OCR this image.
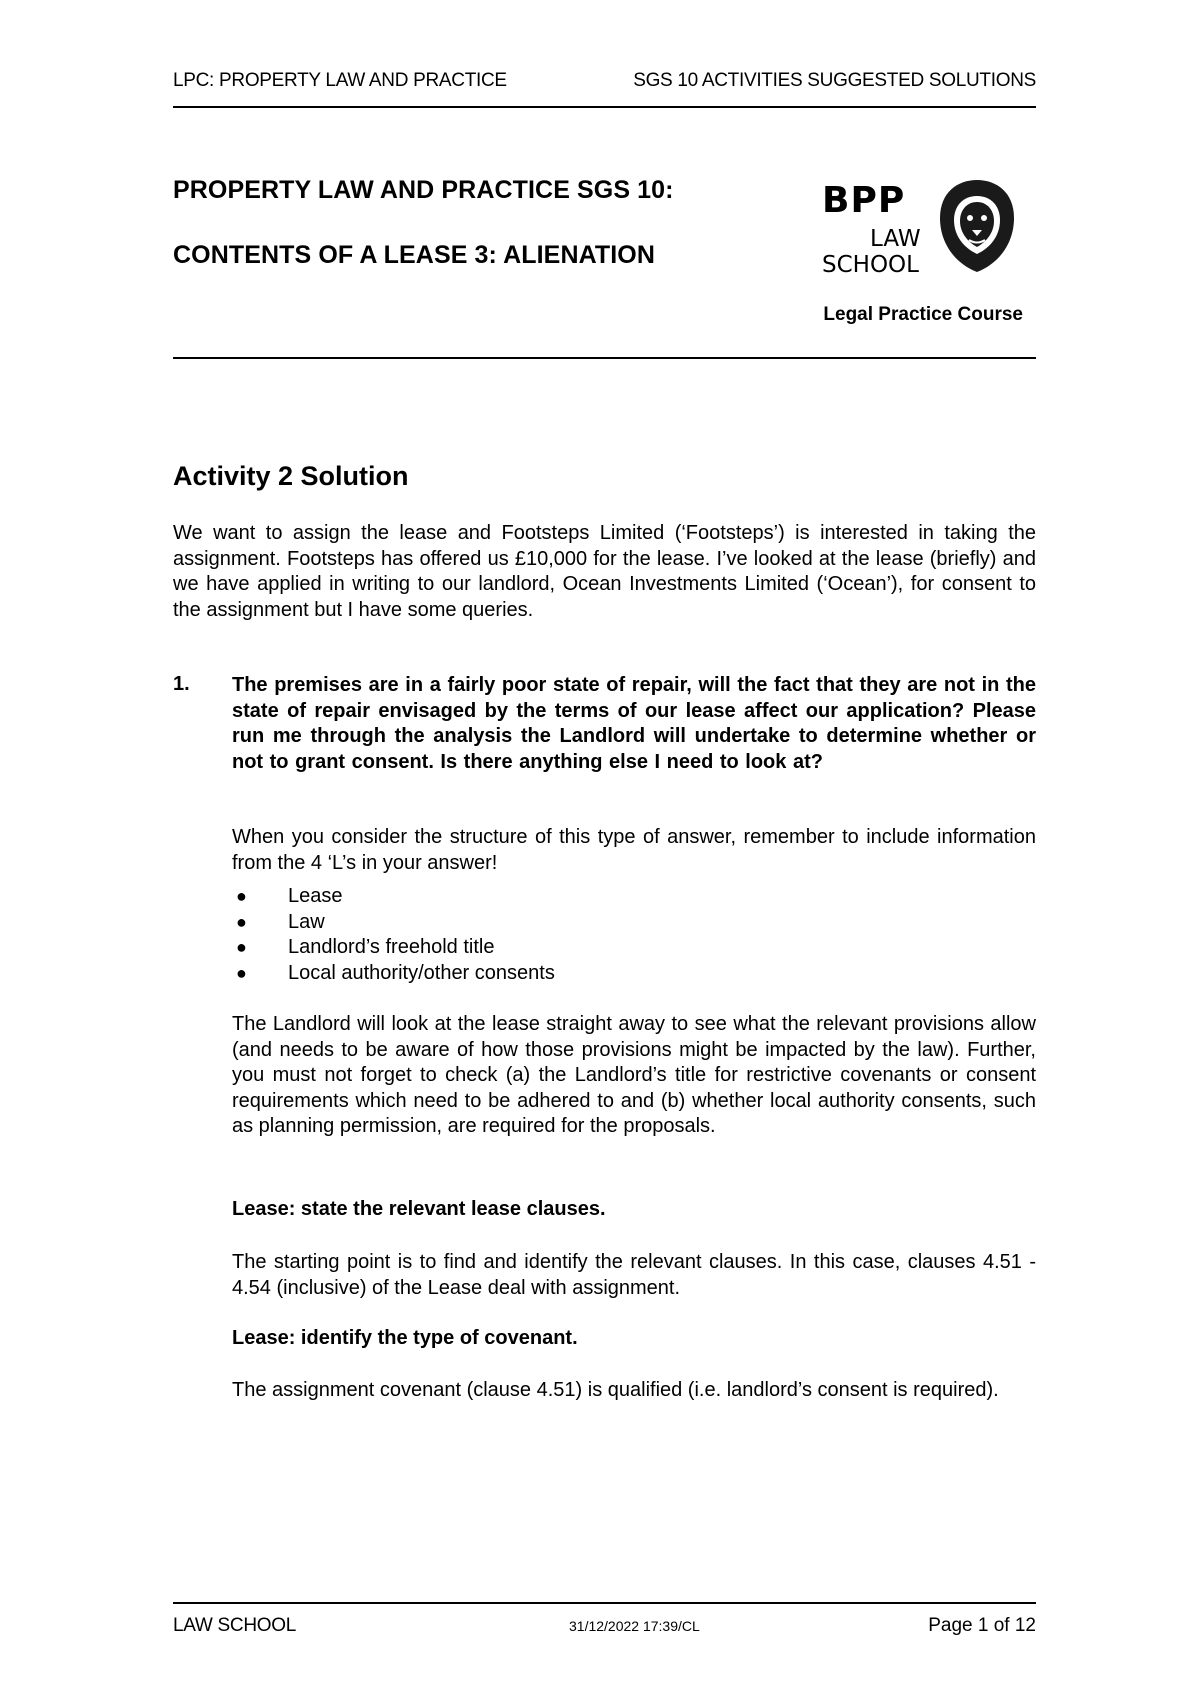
LPC: PROPERTY LAW AND PRACTICE	SGS 10 ACTIVITIES SUGGESTED SOLUTIONS
PROPERTY LAW AND PRACTICE SGS 10:
CONTENTS OF A LEASE 3: ALIENATION
BPP
LAW
SCHOOL
Legal Practice Course
Activity 2 Solution

We want to assign the lease and Footsteps Limited (‘Footsteps’) is interested in taking the assignment. Footsteps has offered us £10,000 for the lease. I’ve looked at the lease (briefly) and we have applied in writing to our landlord, Ocean Investments Limited (‘Ocean’), for consent to the assignment but I have some queries.

1. The premises are in a fairly poor state of repair, will the fact that they are not in the state of repair envisaged by the terms of our lease affect our application? Please run me through the analysis the Landlord will undertake to determine whether or not to grant consent. Is there anything else I need to look at?

When you consider the structure of this type of answer, remember to include information from the 4 ‘L’s in your answer!

● Lease
● Law
● Landlord’s freehold title
● Local authority/other consents

The Landlord will look at the lease straight away to see what the relevant provisions allow (and needs to be aware of how those provisions might be impacted by the law). Further, you must not forget to check (a) the Landlord’s title for restrictive covenants or consent requirements which need to be adhered to and (b) whether local authority consents, such as planning permission, are required for the proposals.

Lease: state the relevant lease clauses.

The starting point is to find and identify the relevant clauses. In this case, clauses 4.51 - 4.54 (inclusive) of the Lease deal with assignment.

Lease: identify the type of covenant.

The assignment covenant (clause 4.51) is qualified (i.e. landlord’s consent is required).

LAW SCHOOL	31/12/2022 17:39/CL	Page 1 of 12
